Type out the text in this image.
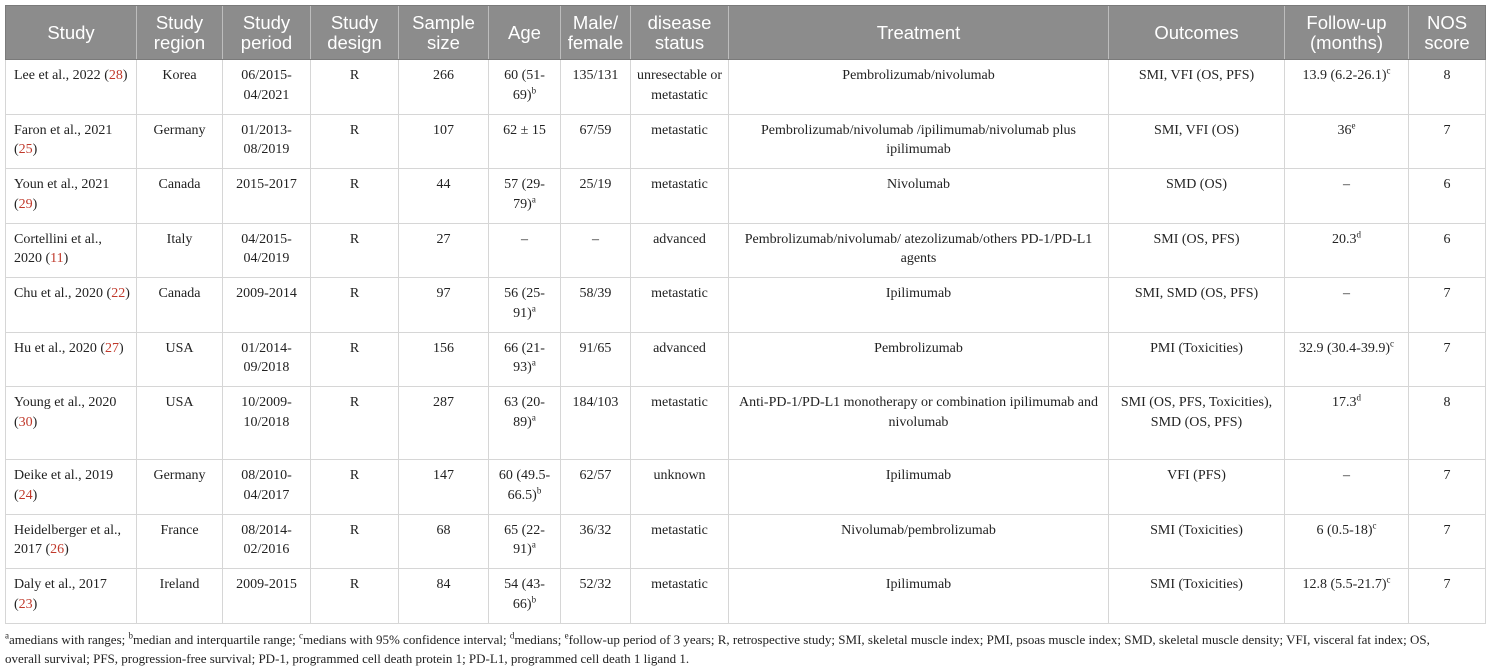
Study	Study region	Study period	Study design	Sample size	Age	Male/ female	disease status	Treatment	Outcomes	Follow-up (months)	NOS score
Lee et al., 2022 (28)	Korea	06/2015-04/2021	R	266	60 $(51-69)^b$	135/131	unresectable or metastatic	Pembrolizumab/nivolumab	SMI, VFI (OS, PFS)	13.9 $(6.2-26.1)^c$	8
Faron et al., 2021 (25)	Germany	01/2013-08/2019	R	107	62 ± 15	67/59	metastatic	Pembrolizumab/nivolumab /ipilimumab/nivolumab plus ipilimumab	SMI, VFI (OS)	36e	7
Youn et al., 2021 (29)	Canada	2015-2017	R	44	57 $(29-79)^a$	25/19	metastatic	Nivolumab	SMD (OS)	–	6
Cortellini et al., 2020 (11)	Italy	04/2015-04/2019	R	27	–	–	advanced	Pembrolizumab/nivolumab/ atezolizumab/others PD-1/PD-L1 agents	SMI (OS, PFS)	20.3$^d$	6
Chu et al., 2020 (22)	Canada	2009-2014	R	97	56 $(25-91)^a$	58/39	metastatic	Ipilimumab	SMI, SMD (OS, PFS)	–	7
Hu et al., 2020 (27)	USA	01/2014-09/2018	R	156	66 $(21-93)^a$	91/65	advanced	Pembrolizumab	PMI (Toxicities)	32.9 $(30.4-39.9)^c$	7
Young et al., 2020 (30)	USA	10/2009-10/2018	R	287	63 $(20-89)^a$	184/103	metastatic	Anti-PD-1/PD-L1 monotherapy or combination ipilimumab and nivolumab	SMI (OS, PFS, Toxicities), SMD (OS, PFS)	17.3$^d$	8
Deike et al., 2019 (24)	Germany	08/2010-04/2017	R	147	60 $(49.5-66.5)^b$	62/57	unknown	Ipilimumab	VFI (PFS)	–	7
Heidelberger et al., 2017 (26)	France	08/2014-02/2016	R	68	65 $(22-91)^a$	36/32	metastatic	Nivolumab/pembrolizumab	SMI (Toxicities)	6 $(0.5-18)^c$	7
Daly et al., 2017 (23)	Ireland	2009-2015	R	84	54 $(43-66)^b$	52/32	metastatic	Ipilimumab	SMI (Toxicities)	12.8 $(5.5-21.7)^c$	7
$^a$amedians with ranges; $^b$median and interquartile range; $^c$medians with 95% confidence interval; $^d$medians; $^e$follow-up period of 3 years; R, retrospective study; SMI, skeletal muscle index; PMI, psoas muscle index; SMD, skeletal muscle density; VFI, visceral fat index; OS, overall survival; PFS, progression-free survival; PD-1, programmed cell death protein 1; PD-L1, programmed cell death 1 ligand 1.
